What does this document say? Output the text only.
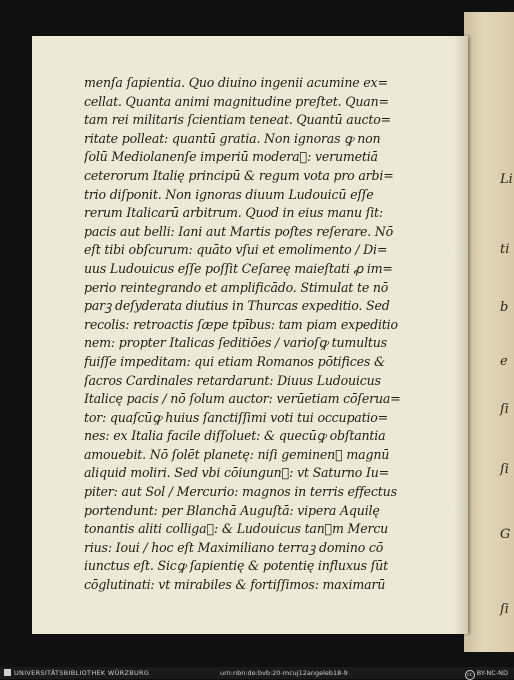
Li
ti
b
e
ſi
ſi
G
ſi
menſa ſapientia. Quo diuino ingenii acumine ex=
cellat. Quanta animi magnitudine preſtet. Quan=
tam rei militaris ſcientiam teneat. Quantū aucto=
ritate polleat: quantū gratia. Non ignoras ꝙ non
ſolū Mediolanenſe imperiū moderaᷣ: verumetiā
ceterorum Italię principū & regum vota pro arbi=
trio diſponit. Non ignoras diuum Ludouicū eſſe
rerum Italicarū arbitrum. Quod in eius manu ſit:
pacis aut belli: Iani aut Martis poſtes reſerare. Nō
eſt tibi obſcurum: quāto vſui et emolimento / Di=
uus Ludouicus eſſe poſſit Ceſareę maieſtati ꝓ im=
perio reintegrando et amplificādo. Stimulat te nō
parꝫ deſyderata diutius in Thurcas expeditio. Sed
recolis: retroactis ſæpe tpībus: tam piam expeditio
nem: propter Italicas ſeditiōes / varioſꝙ tumultus
fuiſſe impeditam: qui etiam Romanos pōtifices &
ſacros Cardinales retardarunt: Diuus Ludouicus
Italicę pacis / nō ſolum auctor: verūetiam cōſerua=
tor: quaſcūꝙ huius ſanctiſſimi voti tui occupatio=
nes: ex Italia facile diſſoluet: & quecūꝙ obſtantia
amouebit. Nō ſolēt planetę: niſi geminenᷣ magnū
aliquid moliri. Sed vbi cōiungunᷣ: vt Saturno Iu=
piter: aut Sol / Mercurio: magnos in terris effectus
portendunt: per Blanchā Auguſtā: vipera Aquilę
tonantis aliti colligaᷣ: & Ludouicus tanꝗm Mercu
rius: Ioui / hoc eſt Maximiliano terraꝫ domino cō
iunctus eſt. Sicꝙ ſapientię & potentię influxus ſūt
cōglutinati: vt mirabiles & fortiſſimos: maximarū
UNIVERSITÄTSBIBLIOTHEK WÜRZBURG	urn:nbn:de:bvb:20-mcuj12angeleb18-9	cc BY-NC-ND
